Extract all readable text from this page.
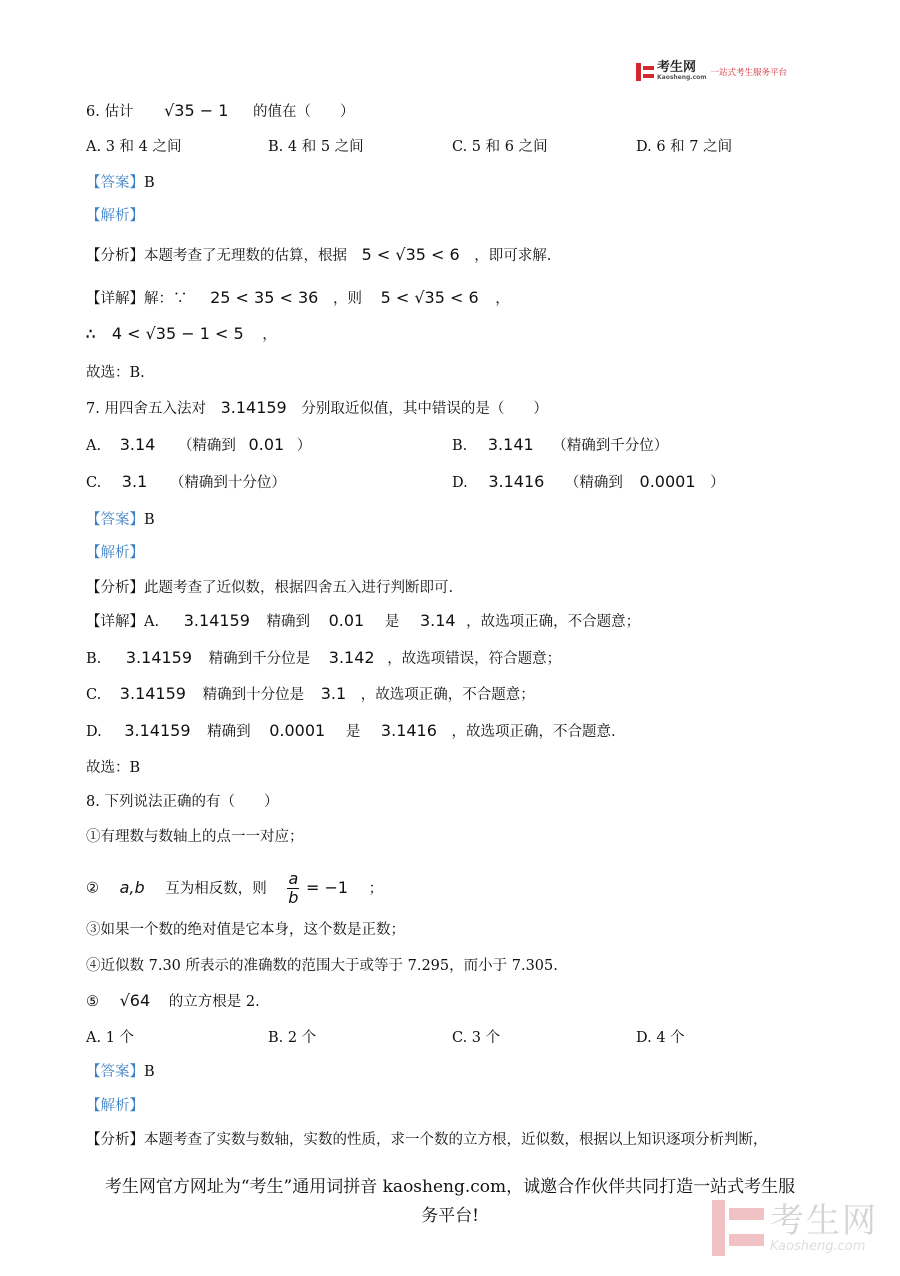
考生网
Kaosheng.com 一站式考生服务平台
6. 估计 √35 − 1 的值在（　　）
A. 3 和 4 之间	B. 4 和 5 之间	C. 5 和 6 之间	D. 6 和 7 之间
【答案】B
【解析】
【分析】本题考查了无理数的估算，根据 5 < √35 < 6 ，即可求解.
【详解】解：∵ 25 < 35 < 36 ，则 5 < √35 < 6 ，
∴ 4 < √35 − 1 < 5 ，
故选：B.
7. 用四舍五入法对 3.14159 分别取近似值，其中错误的是（　　）
A. 3.14 （精确到 0.01 ）	B. 3.141 （精确到千分位）
C. 3.1 （精确到十分位）	D. 3.1416 （精确到 0.0001 ）
【答案】B
【解析】
【分析】此题考查了近似数，根据四舍五入进行判断即可.
【详解】A. 3.14159 精确到 0.01 是 3.14 ，故选项正确，不合题意；
B. 3.14159 精确到千分位是 3.142 ，故选项错误，符合题意；
C. 3.14159 精确到十分位是 3.1 ，故选项正确，不合题意；
D. 3.14159 精确到 0.0001 是 3.1416 ，故选项正确，不合题意.
故选：B
8. 下列说法正确的有（　　）
①有理数与数轴上的点一一对应；
② a,b 互为相反数，则 $\frac{a}{b} = -1$ ；
③如果一个数的绝对值是它本身，这个数是正数；
④近似数 7.30 所表示的准确数的范围大于或等于 7.295，而小于 7.305.
⑤ √64 的立方根是 2.
A. 1 个	B. 2 个	C. 3 个	D. 4 个
【答案】B
【解析】
【分析】本题考查了实数与数轴，实数的性质，求一个数的立方根，近似数，根据以上知识逐项分析判断，
考生网官方网址为“考生”通用词拼音 kaosheng.com，诚邀合作伙伴共同打造一站式考生服
务平台!	考生网
Kaosheng.com
